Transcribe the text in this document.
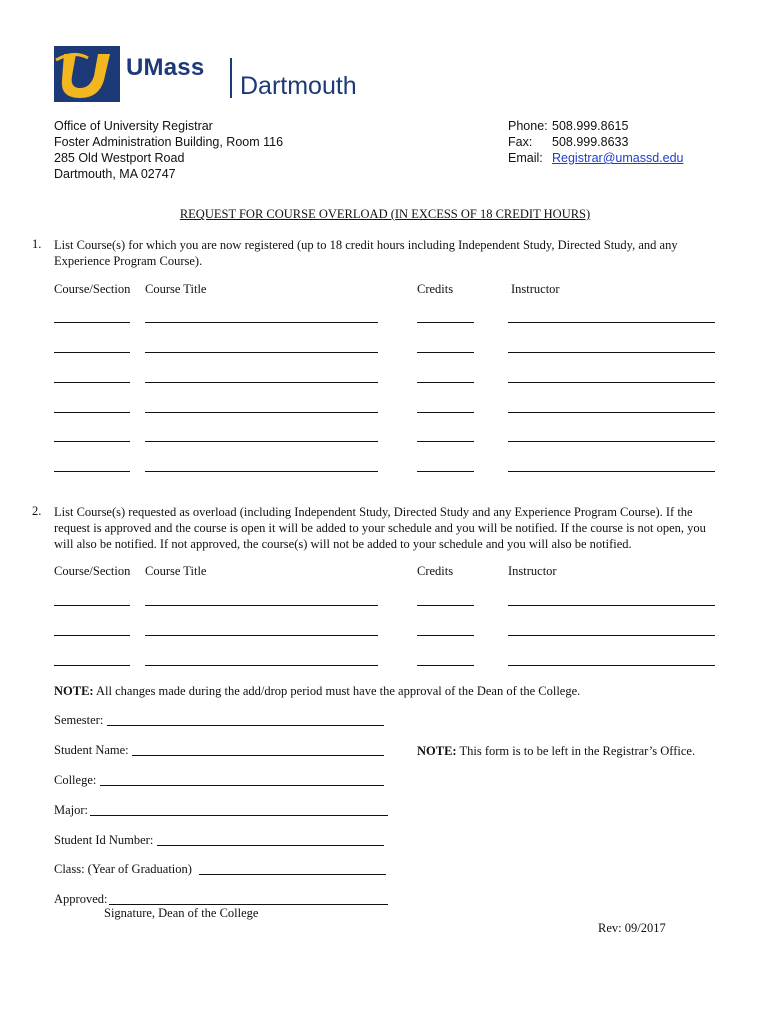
UMass
Dartmouth
Office of University Registrar
Foster Administration Building, Room 116
285 Old Westport Road
Dartmouth, MA 02747
Phone: 508.999.8615
Fax: 508.999.8633
Email: Registrar@umassd.edu
REQUEST FOR COURSE OVERLOAD (IN EXCESS OF 18 CREDIT HOURS)
1. List Course(s) for which you are now registered (up to 18 credit hours including Independent Study, Directed Study, and any Experience Program Course).
Course/Section Course Title	Credits	Instructor
2. List Course(s) requested as overload (including Independent Study, Directed Study and any Experience Program Course). If the request is approved and the course is open it will be added to your schedule and you will be notified. If the course is not open, you will also be notified. If not approved, the course(s) will not be added to your schedule and you will also be notified.
Course/Section Course Title	Credits	Instructor
NOTE: All changes made during the add/drop period must have the approval of the Dean of the College.
Semester:
Student Name:	NOTE: This form is to be left in the Registrar’s Office.
College:
Major:
Student Id Number:
Class: (Year of Graduation)
Approved:
Signature, Dean of the College
Rev: 09/2017
